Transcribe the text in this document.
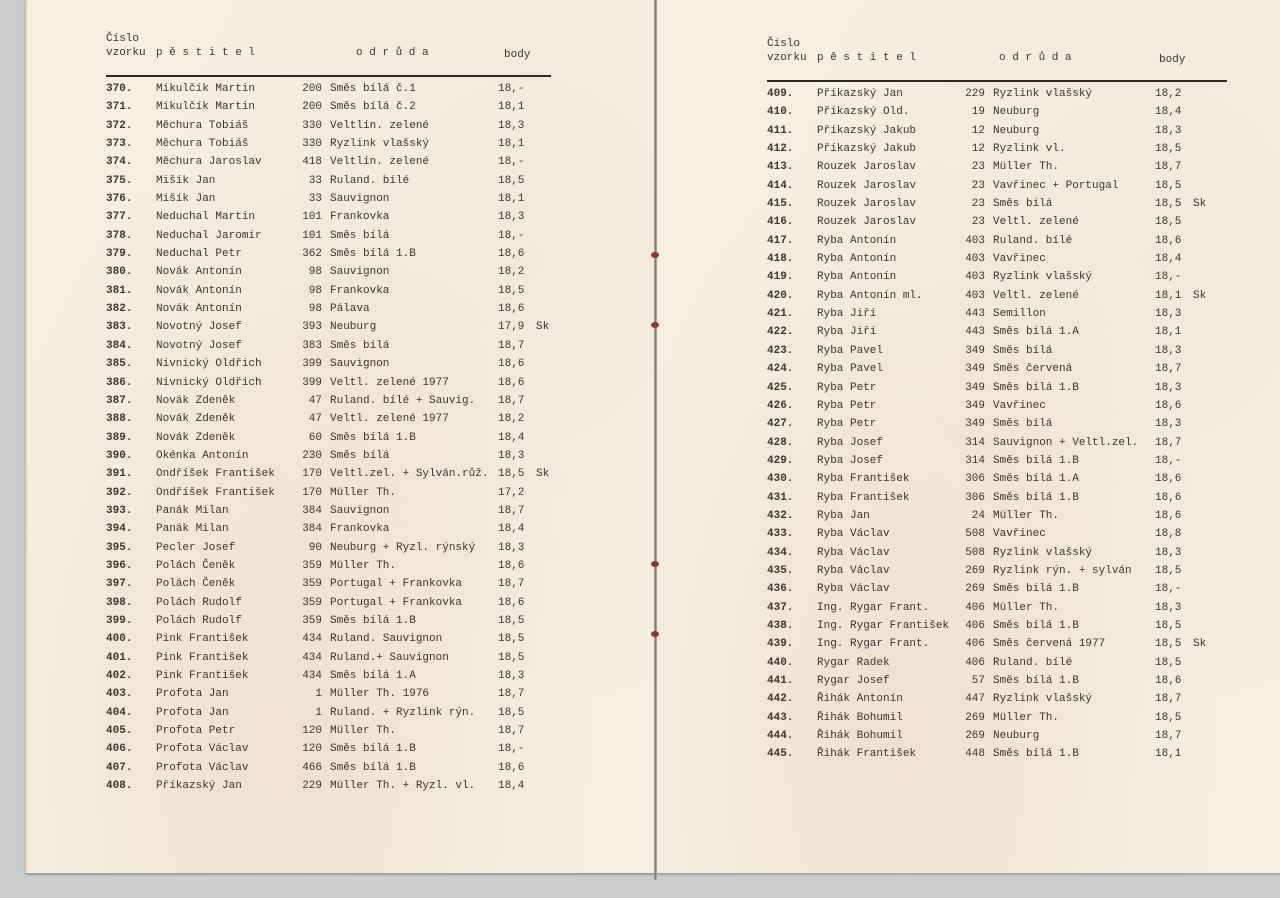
Číslo
vzorku p ě s t i t e l	o d r ů d a	body
370. Mikulčík Martin	200 Směs bílá č.1	18,-
371. Mikulčík Martin	200 Směs bílá č.2	18,1
372. Měchura Tobiáš	330 Veltlín. zelené	18,3
373. Měchura Tobiáš	330 Ryzlink vlašský	18,1
374. Měchura Jaroslav	418 Veltlín. zelené	18,-
375. Mišík Jan	33 Ruland. bílé	18,5
376. Mišík Jan	33 Sauvignon	18,1
377. Neduchal Martin	101 Frankovka	18,3
378. Neduchal Jaromír	101 Směs bílá	18,-
379. Neduchal Petr	362 Směs bílá 1.B	18,6
380. Novák Antonín	98 Sauvignon	18,2
381. Novák Antonín	98 Frankovka	18,5
382. Novák Antonín	98 Pálava	18,6
383. Novotný Josef	393 Neuburg	17,9 Sk
384. Novotný Josef	383 Směs bílá	18,7
385. Nivnický Oldřich	399 Sauvignon	18,6
386. Nivnický Oldřich	399 Veltl. zelené 1977	18,6
387. Novák Zdeněk	47 Ruland. bílé + Sauvig. 18,7
388. Novák Zdeněk	47 Veltl. zelené 1977	18,2
389. Novák Zdeněk	60 Směs bílá 1.B	18,4
390. Okénka Antonín	230 Směs bílá	18,3
391. Ondříšek František	170 Veltl.zel. + Sylván.růž. 18,5 Sk
392. Ondříšek František	170 Müller Th.	17,2
393. Panák Milan	384 Sauvignon	18,7
394. Panák Milan	384 Frankovka	18,4
395. Pecler Josef	90 Neuburg + Ryzl. rýnský 18,3
396. Polách Čeněk	359 Müller Th.	18,6
397. Polách Čeněk	359 Portugal + Frankovka	18,7
398. Polách Rudolf	359 Portugal + Frankovka	18,6
399. Polách Rudolf	359 Směs bílá 1.B	18,5
400. Pink František	434 Ruland. Sauvignon	18,5
401. Pink František	434 Ruland.+ Sauvignon	18,5
402. Pink František	434 Směs bílá 1.A	18,3
403. Profota Jan	1 Müller Th. 1976	18,7
404. Profota Jan	1 Ruland. + Ryzlink rýn. 18,5
405. Profota Petr	120 Müller Th.	18,7
406. Profota Václav	120 Směs bílá 1.B	18,-
407. Profota Václav	466 Směs bílá 1.B	18,6
408. Příkazský Jan	229 Müller Th. + Ryzl. vl. 18,4
Číslo
vzorku p ě s t i t e l	o d r ů d a	body
409. Příkazský Jan	229 Ryzlink vlašský	18,2
410. Příkazský Old.	19 Neuburg	18,4
411. Příkazský Jakub	12 Neuburg	18,3
412. Příkazský Jakub	12 Ryzlink vl.	18,5
413. Rouzek Jaroslav	23 Müller Th.	18,7
414. Rouzek Jaroslav	23 Vavřinec + Portugal	18,5
415. Rouzek Jaroslav	23 Směs bílá	18,5 Sk
416. Rouzek Jaroslav	23 Veltl. zelené	18,5
417. Ryba Antonín	403 Ruland. bílé	18,6
418. Ryba Antonín	403 Vavřinec	18,4
419. Ryba Antonín	403 Ryzlink vlašský	18,-
420. Ryba Antonín ml.	403 Veltl. zelené	18,1 Sk
421. Ryba Jiří	443 Semillon	18,3
422. Ryba Jiří	443 Směs bílá 1.A	18,1
423. Ryba Pavel	349 Směs bílá	18,3
424. Ryba Pavel	349 Směs červená	18,7
425. Ryba Petr	349 Směs bílá 1.B	18,3
426. Ryba Petr	349 Vavřinec	18,6
427. Ryba Petr	349 Směs bílá	18,3
428. Ryba Josef	314 Sauvignon + Veltl.zel. 18,7
429. Ryba Josef	314 Směs bílá 1.B	18,-
430. Ryba František	306 Směs bílá 1.A	18,6
431. Ryba František	306 Směs bílá 1.B	18,6
432. Ryba Jan	24 Müller Th.	18,6
433. Ryba Václav	508 Vavřinec	18,8
434. Ryba Václav	508 Ryzlink vlašský	18,3
435. Ryba Václav	269 Ryzlink rýn. + sylván 18,5
436. Ryba Václav	269 Směs bílá 1.B	18,-
437. Ing. Rygar Frant.	406 Müller Th.	18,3
438. Ing. Rygar František	406 Směs bílá 1.B	18,5
439. Ing. Rygar Frant.	406 Směs červená 1977	18,5 Sk
440. Rygar Radek	406 Ruland. bílé	18,5
441. Rygar Josef	57 Směs bílá 1.B	18,6
442. Řihák Antonín	447 Ryzlink vlašský	18,7
443. Řihák Bohumil	269 Müller Th.	18,5
444. Řihák Bohumil	269 Neuburg	18,7
445. Řihák František	448 Směs bílá 1.B	18,1
